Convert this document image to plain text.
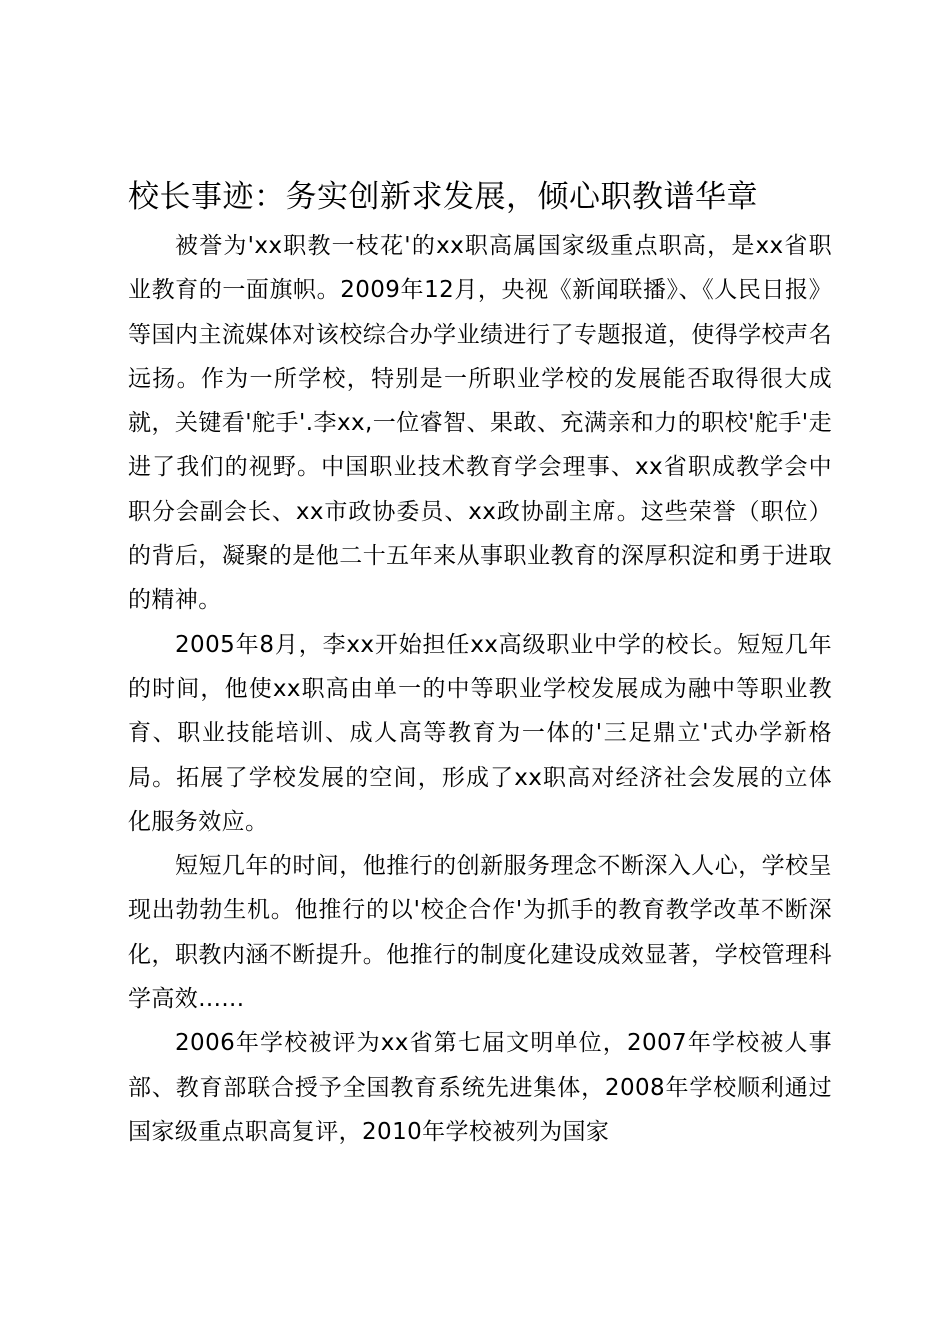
校长事迹：务实创新求发展，倾心职教谱华章

被誉为'xx职教一枝花'的xx职高属国家级重点职高，是xx省职业教育的一面旗帜。2009年12月，央视《新闻联播》、《人民日报》等国内主流媒体对该校综合办学业绩进行了专题报道，使得学校声名远扬。作为一所学校，特别是一所职业学校的发展能否取得很大成就，关键看'舵手'.李xx,一位睿智、果敢、充满亲和力的职校'舵手'走进了我们的视野。中国职业技术教育学会理事、xx省职成教学会中职分会副会长、xx市政协委员、xx政协副主席。这些荣誉（职位）的背后，凝聚的是他二十五年来从事职业教育的深厚积淀和勇于进取的精神。

2005年8月，李xx开始担任xx高级职业中学的校长。短短几年的时间，他使xx职高由单一的中等职业学校发展成为融中等职业教育、职业技能培训、成人高等教育为一体的'三足鼎立'式办学新格局。拓展了学校发展的空间，形成了xx职高对经济社会发展的立体化服务效应。

短短几年的时间，他推行的创新服务理念不断深入人心，学校呈现出勃勃生机。他推行的以'校企合作'为抓手的教育教学改革不断深化，职教内涵不断提升。他推行的制度化建设成效显著，学校管理科学高效......

2006年学校被评为xx省第七届文明单位，2007年学校被人事部、教育部联合授予全国教育系统先进集体，2008年学校顺利通过国家级重点职高复评，2010年学校被列为国家
